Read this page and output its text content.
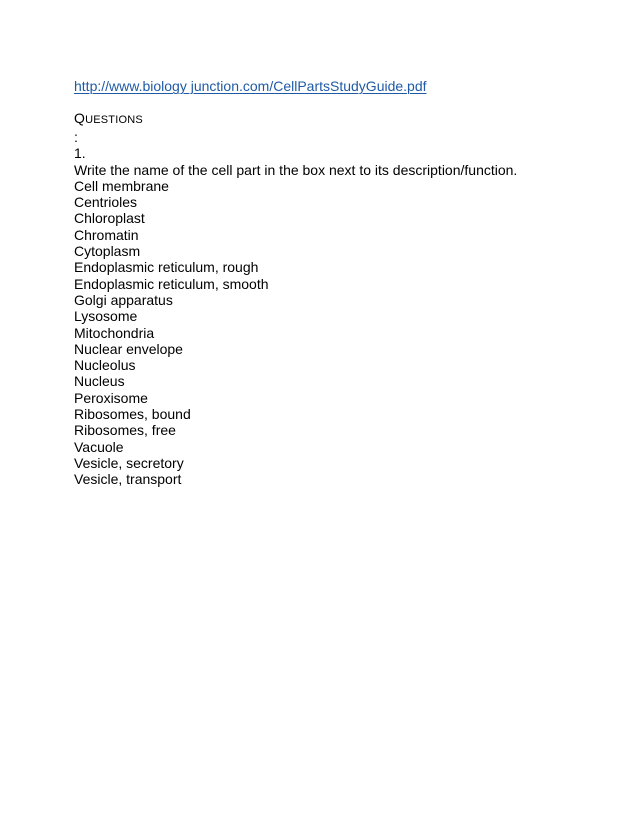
http://www.biology junction.com/CellPartsStudyGuide.pdf
QUESTIONS
:
1.
Write the name of the cell part in the box next to its description/function.
Cell membrane
Centrioles
Chloroplast
Chromatin
Cytoplasm
Endoplasmic reticulum, rough
Endoplasmic reticulum, smooth
Golgi apparatus
Lysosome
Mitochondria
Nuclear envelope
Nucleolus
Nucleus
Peroxisome
Ribosomes, bound
Ribosomes, free
Vacuole
Vesicle, secretory
Vesicle, transport
